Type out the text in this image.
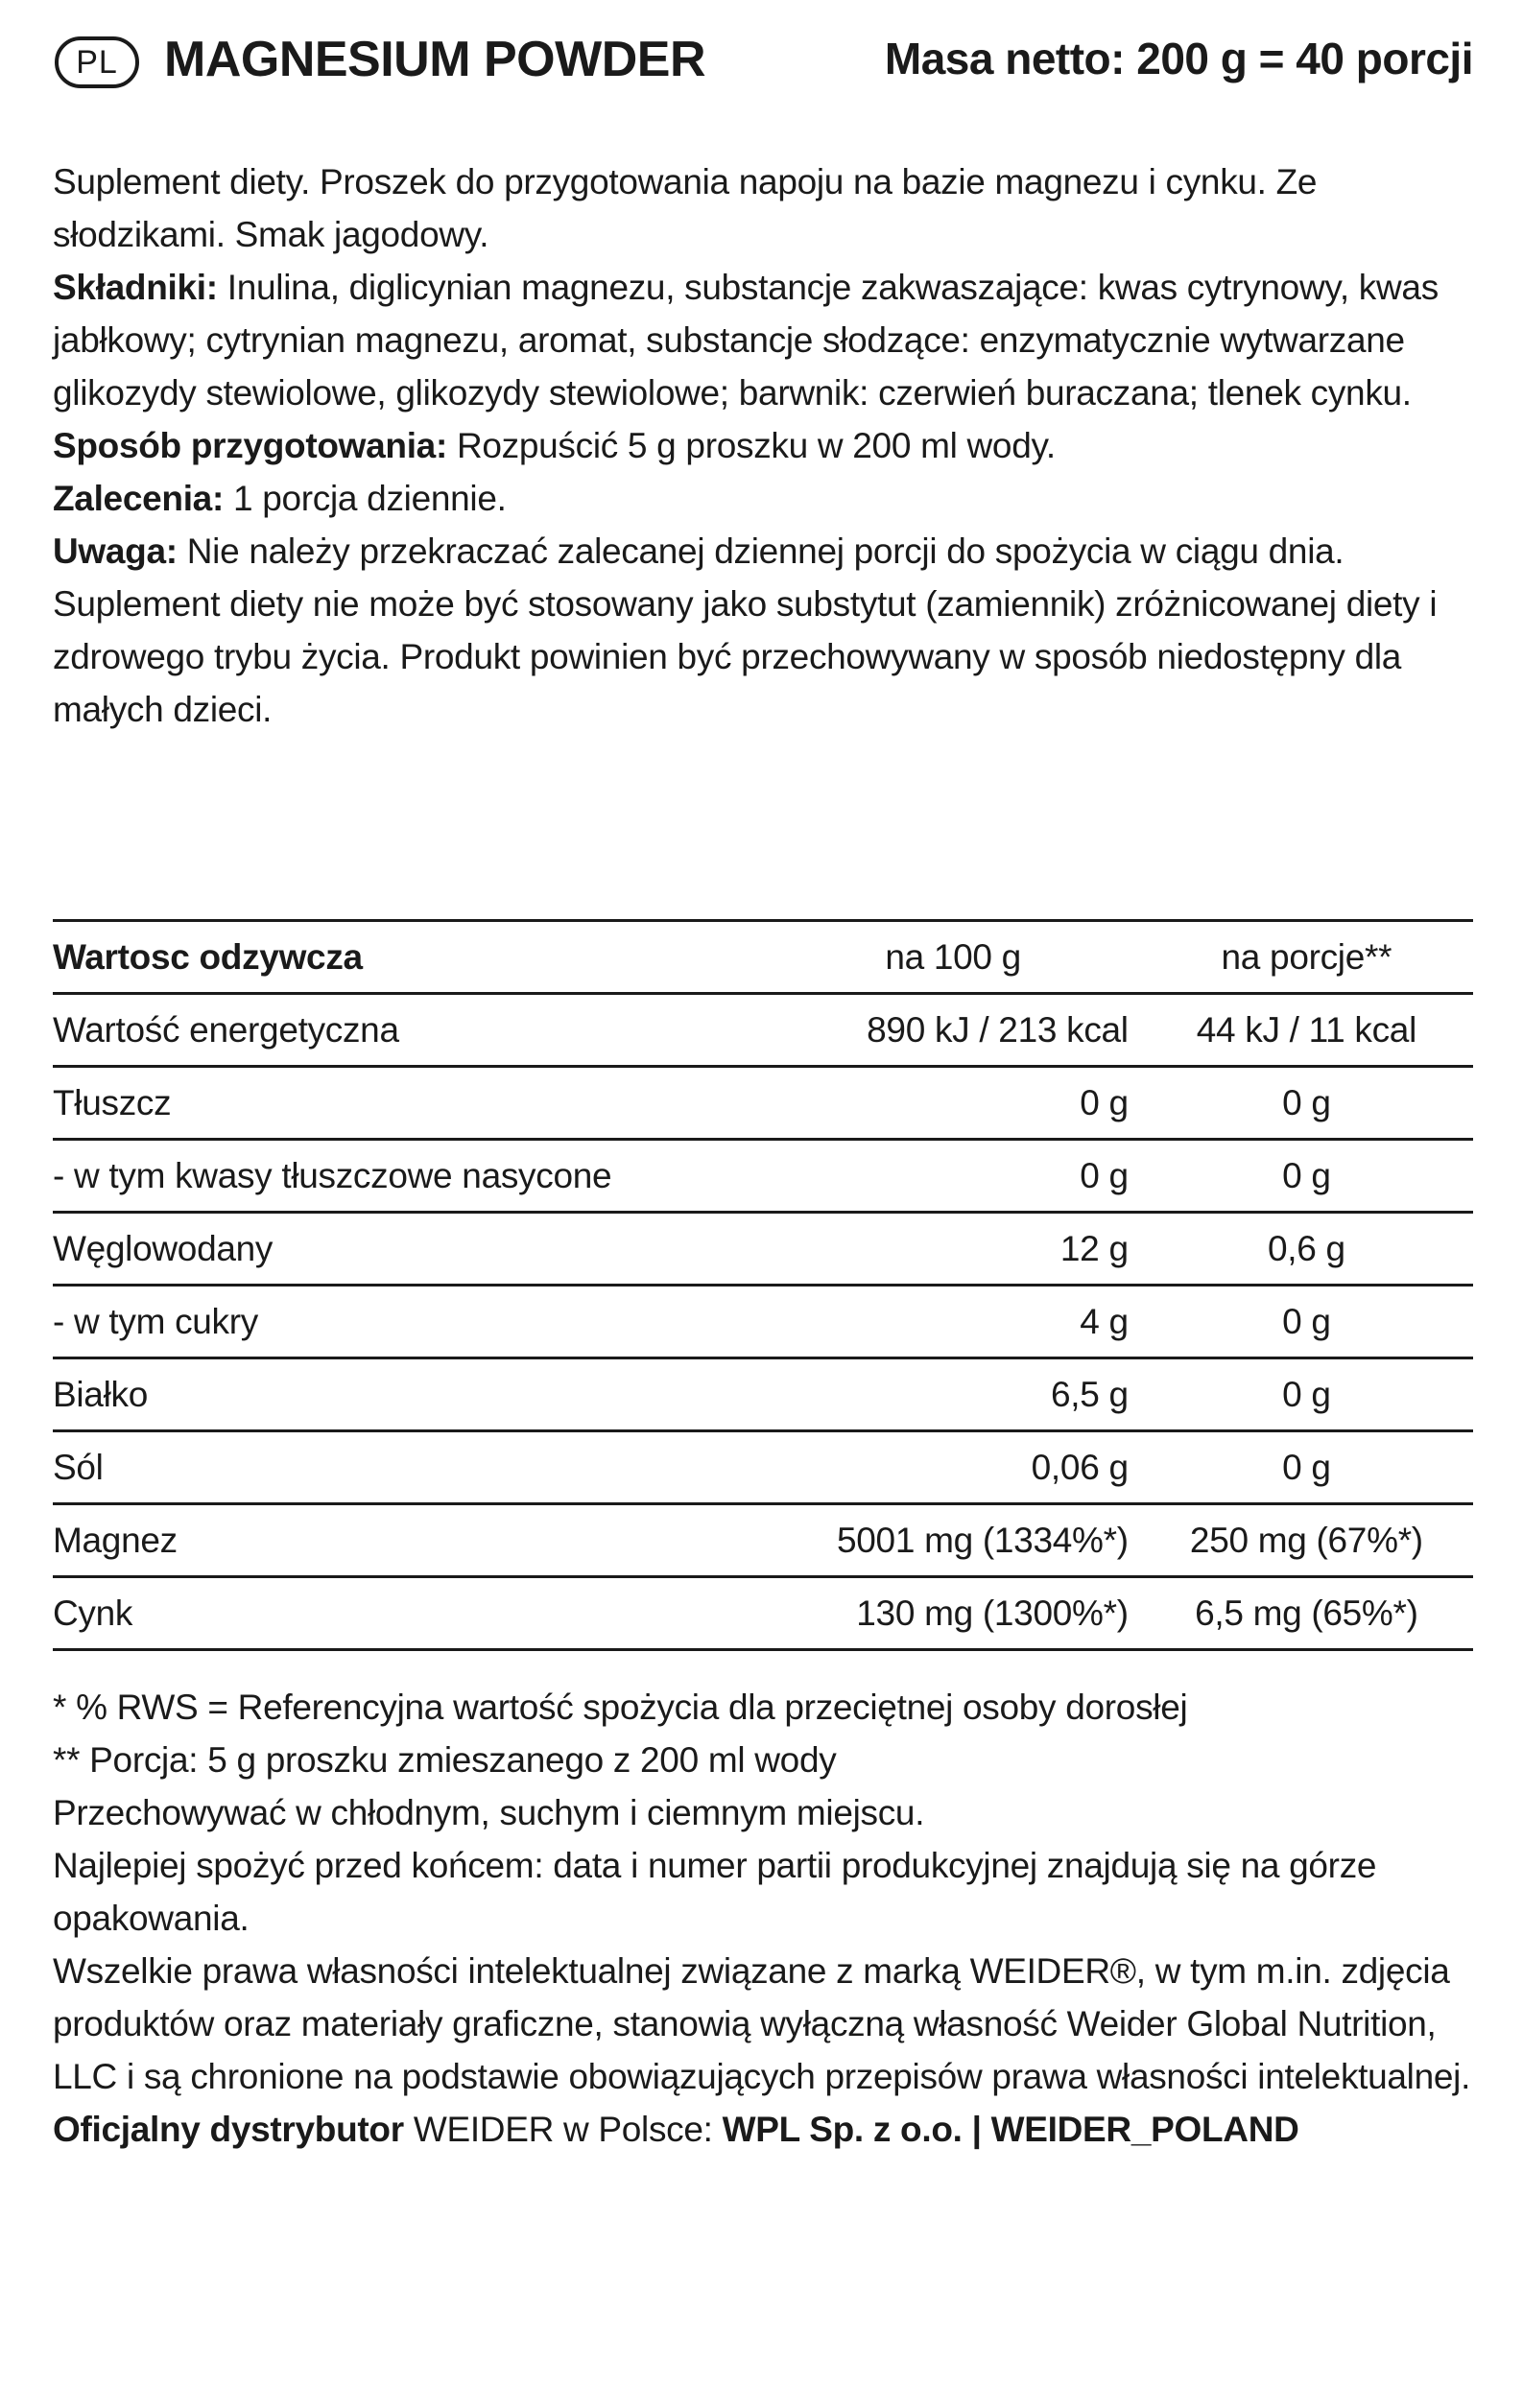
PL MAGNESIUM POWDER	Masa netto: 200 g = 40 porcji

Suplement diety. Proszek do przygotowania napoju na bazie magnezu i cynku. Ze słodzikami. Smak jagodowy.

Składniki: Inulina, diglicynian magnezu, substancje zakwaszające: kwas cytrynowy, kwas jabłkowy; cytrynian magnezu, aromat, substancje słodzące: enzymatycznie wytwarzane glikozydy stewiolowe, glikozydy stewiolowe; barwnik: czerwień buraczana; tlenek cynku.

Sposób przygotowania: Rozpuścić 5 g proszku w 200 ml wody.

Zalecenia: 1 porcja dziennie.

Uwaga: Nie należy przekraczać zalecanej dziennej porcji do spożycia w ciągu dnia. Suplement diety nie może być stosowany jako substytut (zamiennik) zróżnicowanej diety i zdrowego trybu życia. Produkt powinien być przechowywany w sposób niedostępny dla małych dzieci.

Wartosc odzywcza	na 100 g	na porcje**
Wartość energetyczna	890 kJ / 213 kcal	44 kJ / 11 kcal
Tłuszcz	0 g	0 g
- w tym kwasy tłuszczowe nasycone	0 g	0 g
Węglowodany	12 g	0,6 g
- w tym cukry	4 g	0 g
Białko	6,5 g	0 g
Sól	0,06 g	0 g
Magnez	5001 mg (1334%*)	250 mg (67%*)
Cynk	130 mg (1300%*)	6,5 mg (65%*)

* % RWS = Referencyjna wartość spożycia dla przeciętnej osoby dorosłej

** Porcja: 5 g proszku zmieszanego z 200 ml wody

Przechowywać w chłodnym, suchym i ciemnym miejscu.

Najlepiej spożyć przed końcem: data i numer partii produkcyjnej znajdują się na górze opakowania.

Wszelkie prawa własności intelektualnej związane z marką WEIDER®, w tym m.in. zdjęcia produktów oraz materiały graficzne, stanowią wyłączną własność Weider Global Nutrition, LLC i są chronione na podstawie obowiązujących przepisów prawa własności intelektualnej.

Oficjalny dystrybutor WEIDER w Polsce: WPL Sp. z o.o. | WEIDER_POLAND
